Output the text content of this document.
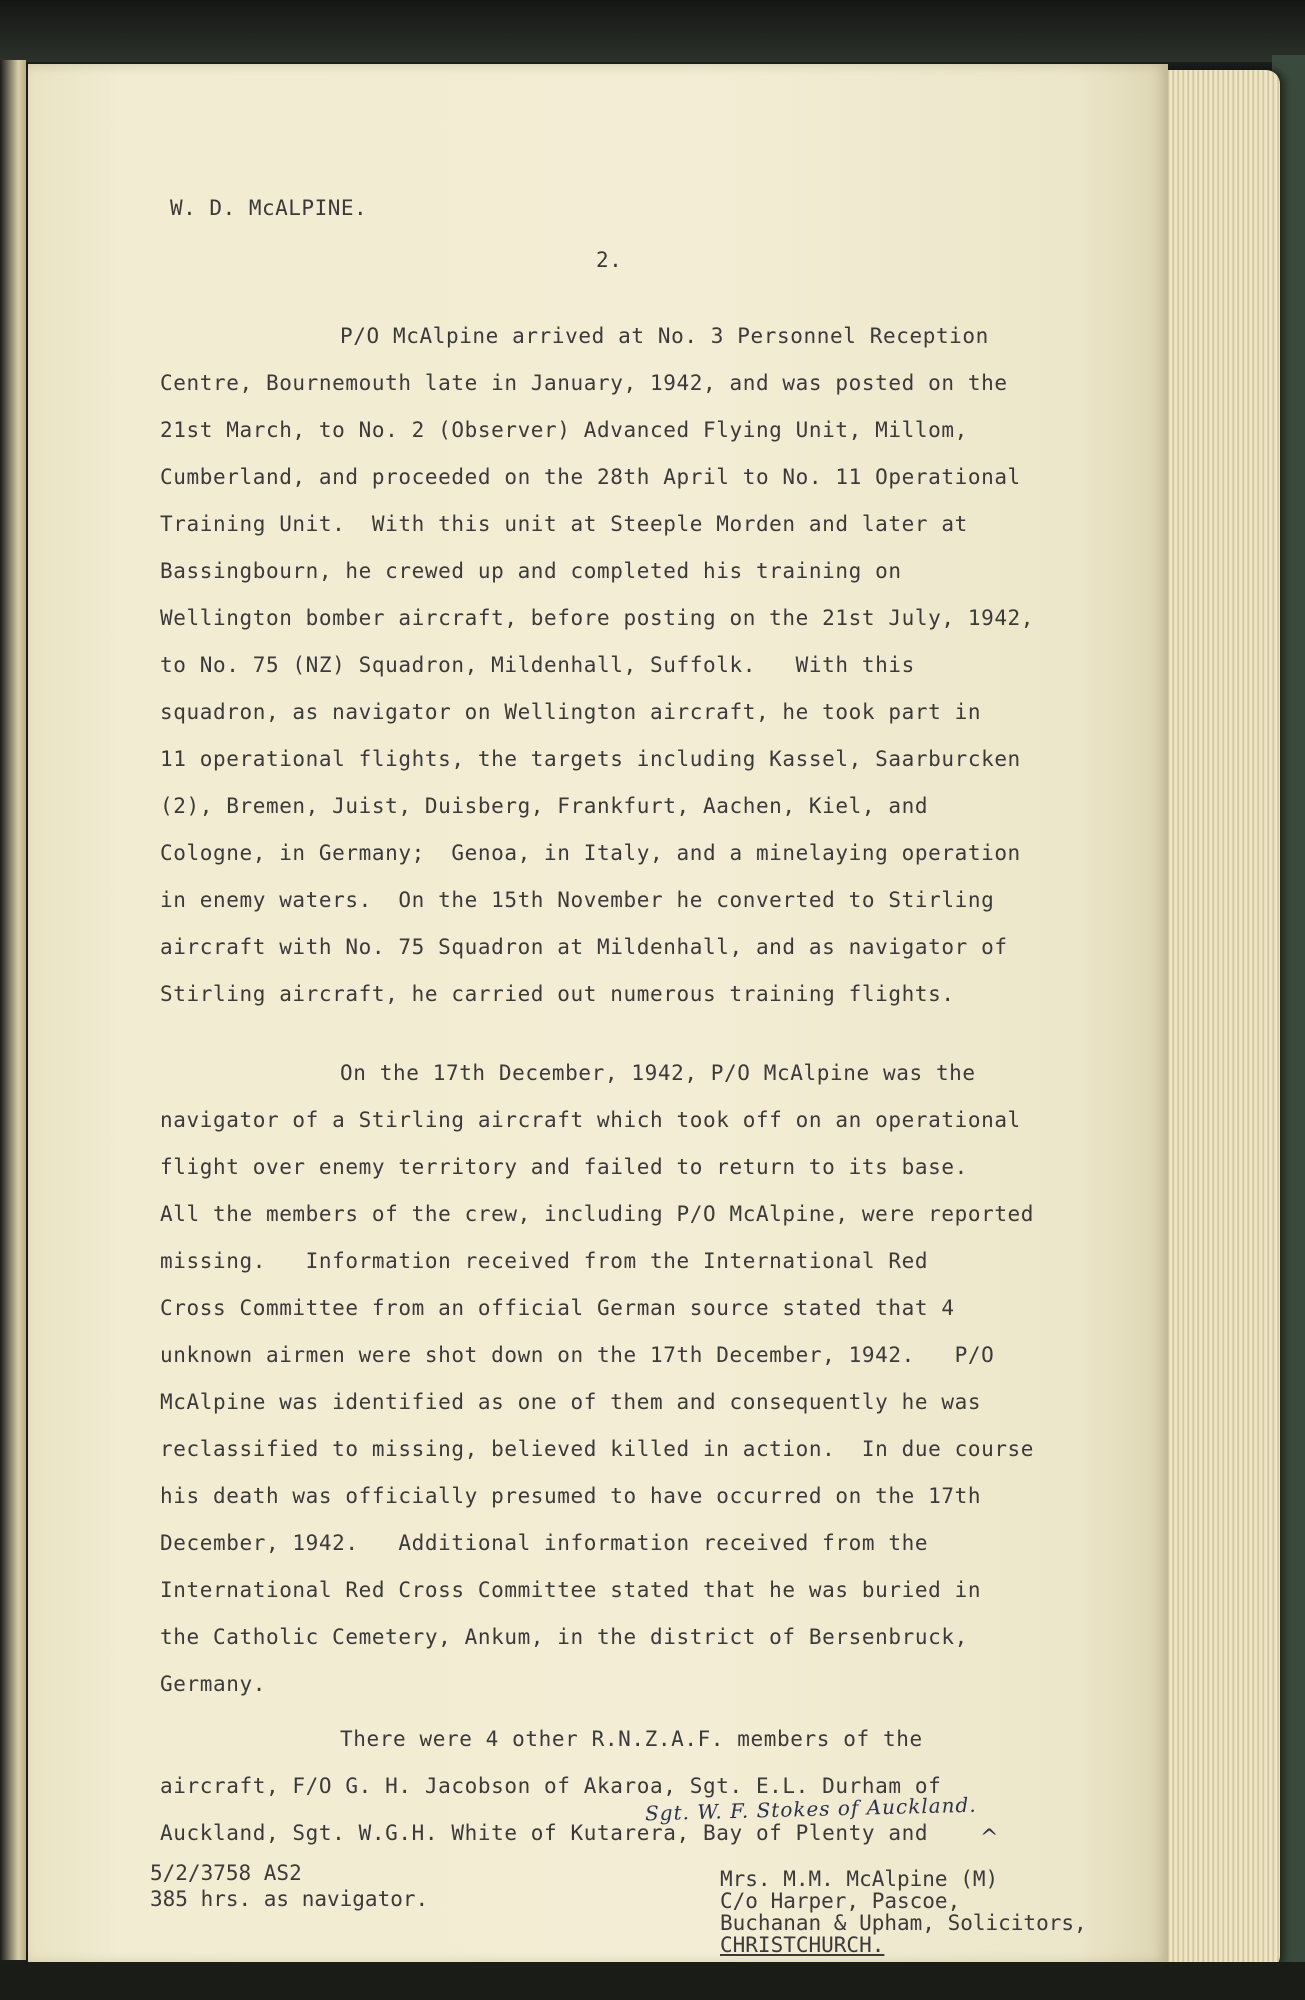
W. D. McALPINE.
2.
P/O McAlpine arrived at No. 3 Personnel Reception
Centre, Bournemouth late in January, 1942, and was posted on the
21st March, to No. 2 (Observer) Advanced Flying Unit, Millom,
Cumberland, and proceeded on the 28th April to No. 11 Operational
Training Unit.  With this unit at Steeple Morden and later at
Bassingbourn, he crewed up and completed his training on
Wellington bomber aircraft, before posting on the 21st July, 1942,
to No. 75 (NZ) Squadron, Mildenhall, Suffolk.   With this
squadron, as navigator on Wellington aircraft, he took part in
11 operational flights, the targets including Kassel, Saarburcken
(2), Bremen, Juist, Duisberg, Frankfurt, Aachen, Kiel, and
Cologne, in Germany;  Genoa, in Italy, and a minelaying operation
in enemy waters.  On the 15th November he converted to Stirling
aircraft with No. 75 Squadron at Mildenhall, and as navigator of
Stirling aircraft, he carried out numerous training flights.
On the 17th December, 1942, P/O McAlpine was the
navigator of a Stirling aircraft which took off on an operational
flight over enemy territory and failed to return to its base.
All the members of the crew, including P/O McAlpine, were reported
missing.   Information received from the International Red
Cross Committee from an official German source stated that 4
unknown airmen were shot down on the 17th December, 1942.   P/O
McAlpine was identified as one of them and consequently he was
reclassified to missing, believed killed in action.  In due course
his death was officially presumed to have occurred on the 17th
December, 1942.   Additional information received from the
International Red Cross Committee stated that he was buried in
the Catholic Cemetery, Ankum, in the district of Bersenbruck,
Germany.
There were 4 other R.N.Z.A.F. members of the
aircraft, F/O G. H. Jacobson of Akaroa, Sgt. E.L. Durham of
Auckland, Sgt. W.G.H. White of Kutarera, Bay of Plenty and
Sgt. W. F. Stokes of Auckland.
^
5/2/3758 AS2
385 hrs. as navigator.
Mrs. M.M. McAlpine (M)
C/o Harper, Pascoe,
Buchanan & Upham, Solicitors,
CHRISTCHURCH.
